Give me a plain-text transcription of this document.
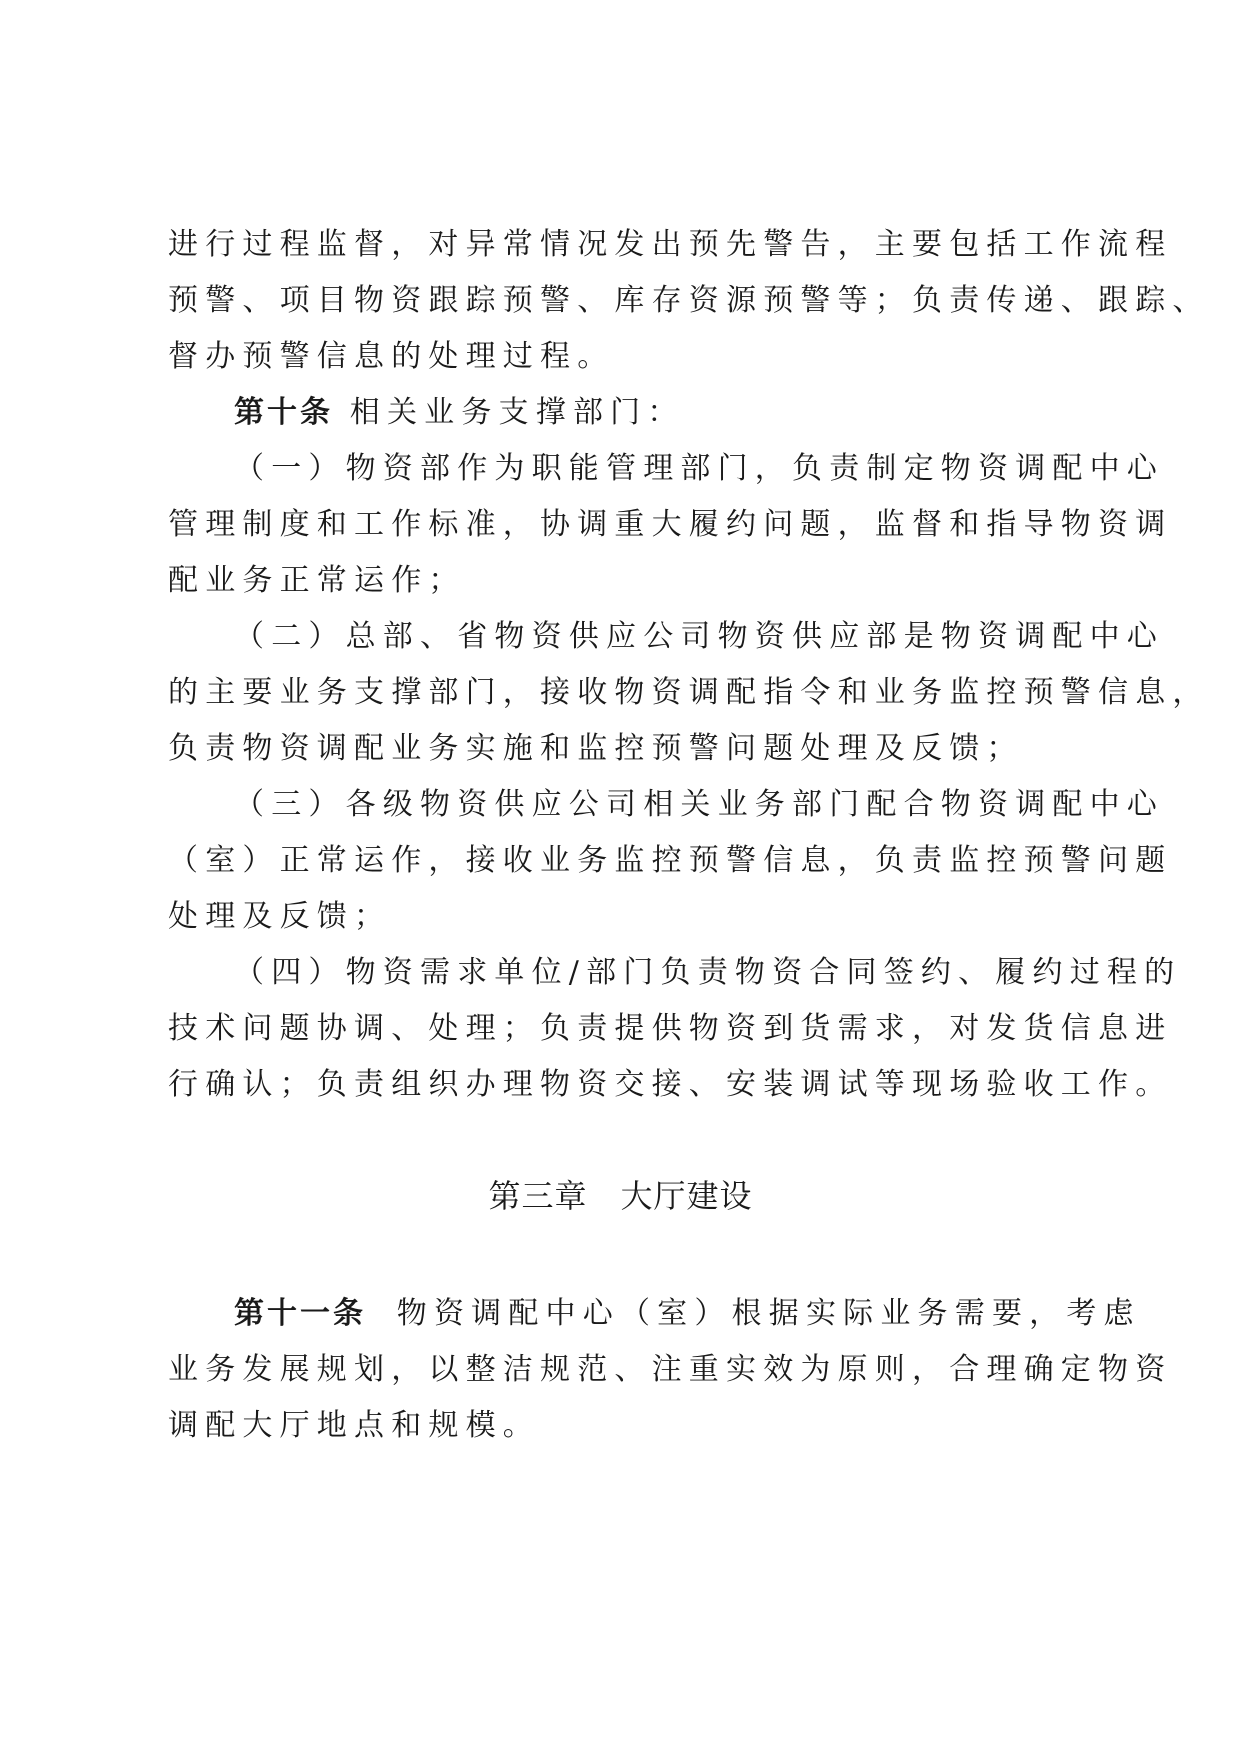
进行过程监督，对异常情况发出预先警告，主要包括工作流程
预警、项目物资跟踪预警、库存资源预警等；负责传递、跟踪、
督办预警信息的处理过程。
第十条 相关业务支撑部门：
（一）物资部作为职能管理部门，负责制定物资调配中心
管理制度和工作标准，协调重大履约问题，监督和指导物资调
配业务正常运作；
（二）总部、省物资供应公司物资供应部是物资调配中心
的主要业务支撑部门，接收物资调配指令和业务监控预警信息，
负责物资调配业务实施和监控预警问题处理及反馈；
（三）各级物资供应公司相关业务部门配合物资调配中心
（室）正常运作，接收业务监控预警信息，负责监控预警问题
处理及反馈；
（四）物资需求单位/部门负责物资合同签约、履约过程的
技术问题协调、处理；负责提供物资到货需求，对发货信息进
行确认；负责组织办理物资交接、安装调试等现场验收工作。
第三章　大厅建设
第十一条 物资调配中心（室）根据实际业务需要，考虑
业务发展规划，以整洁规范、注重实效为原则，合理确定物资
调配大厅地点和规模。
